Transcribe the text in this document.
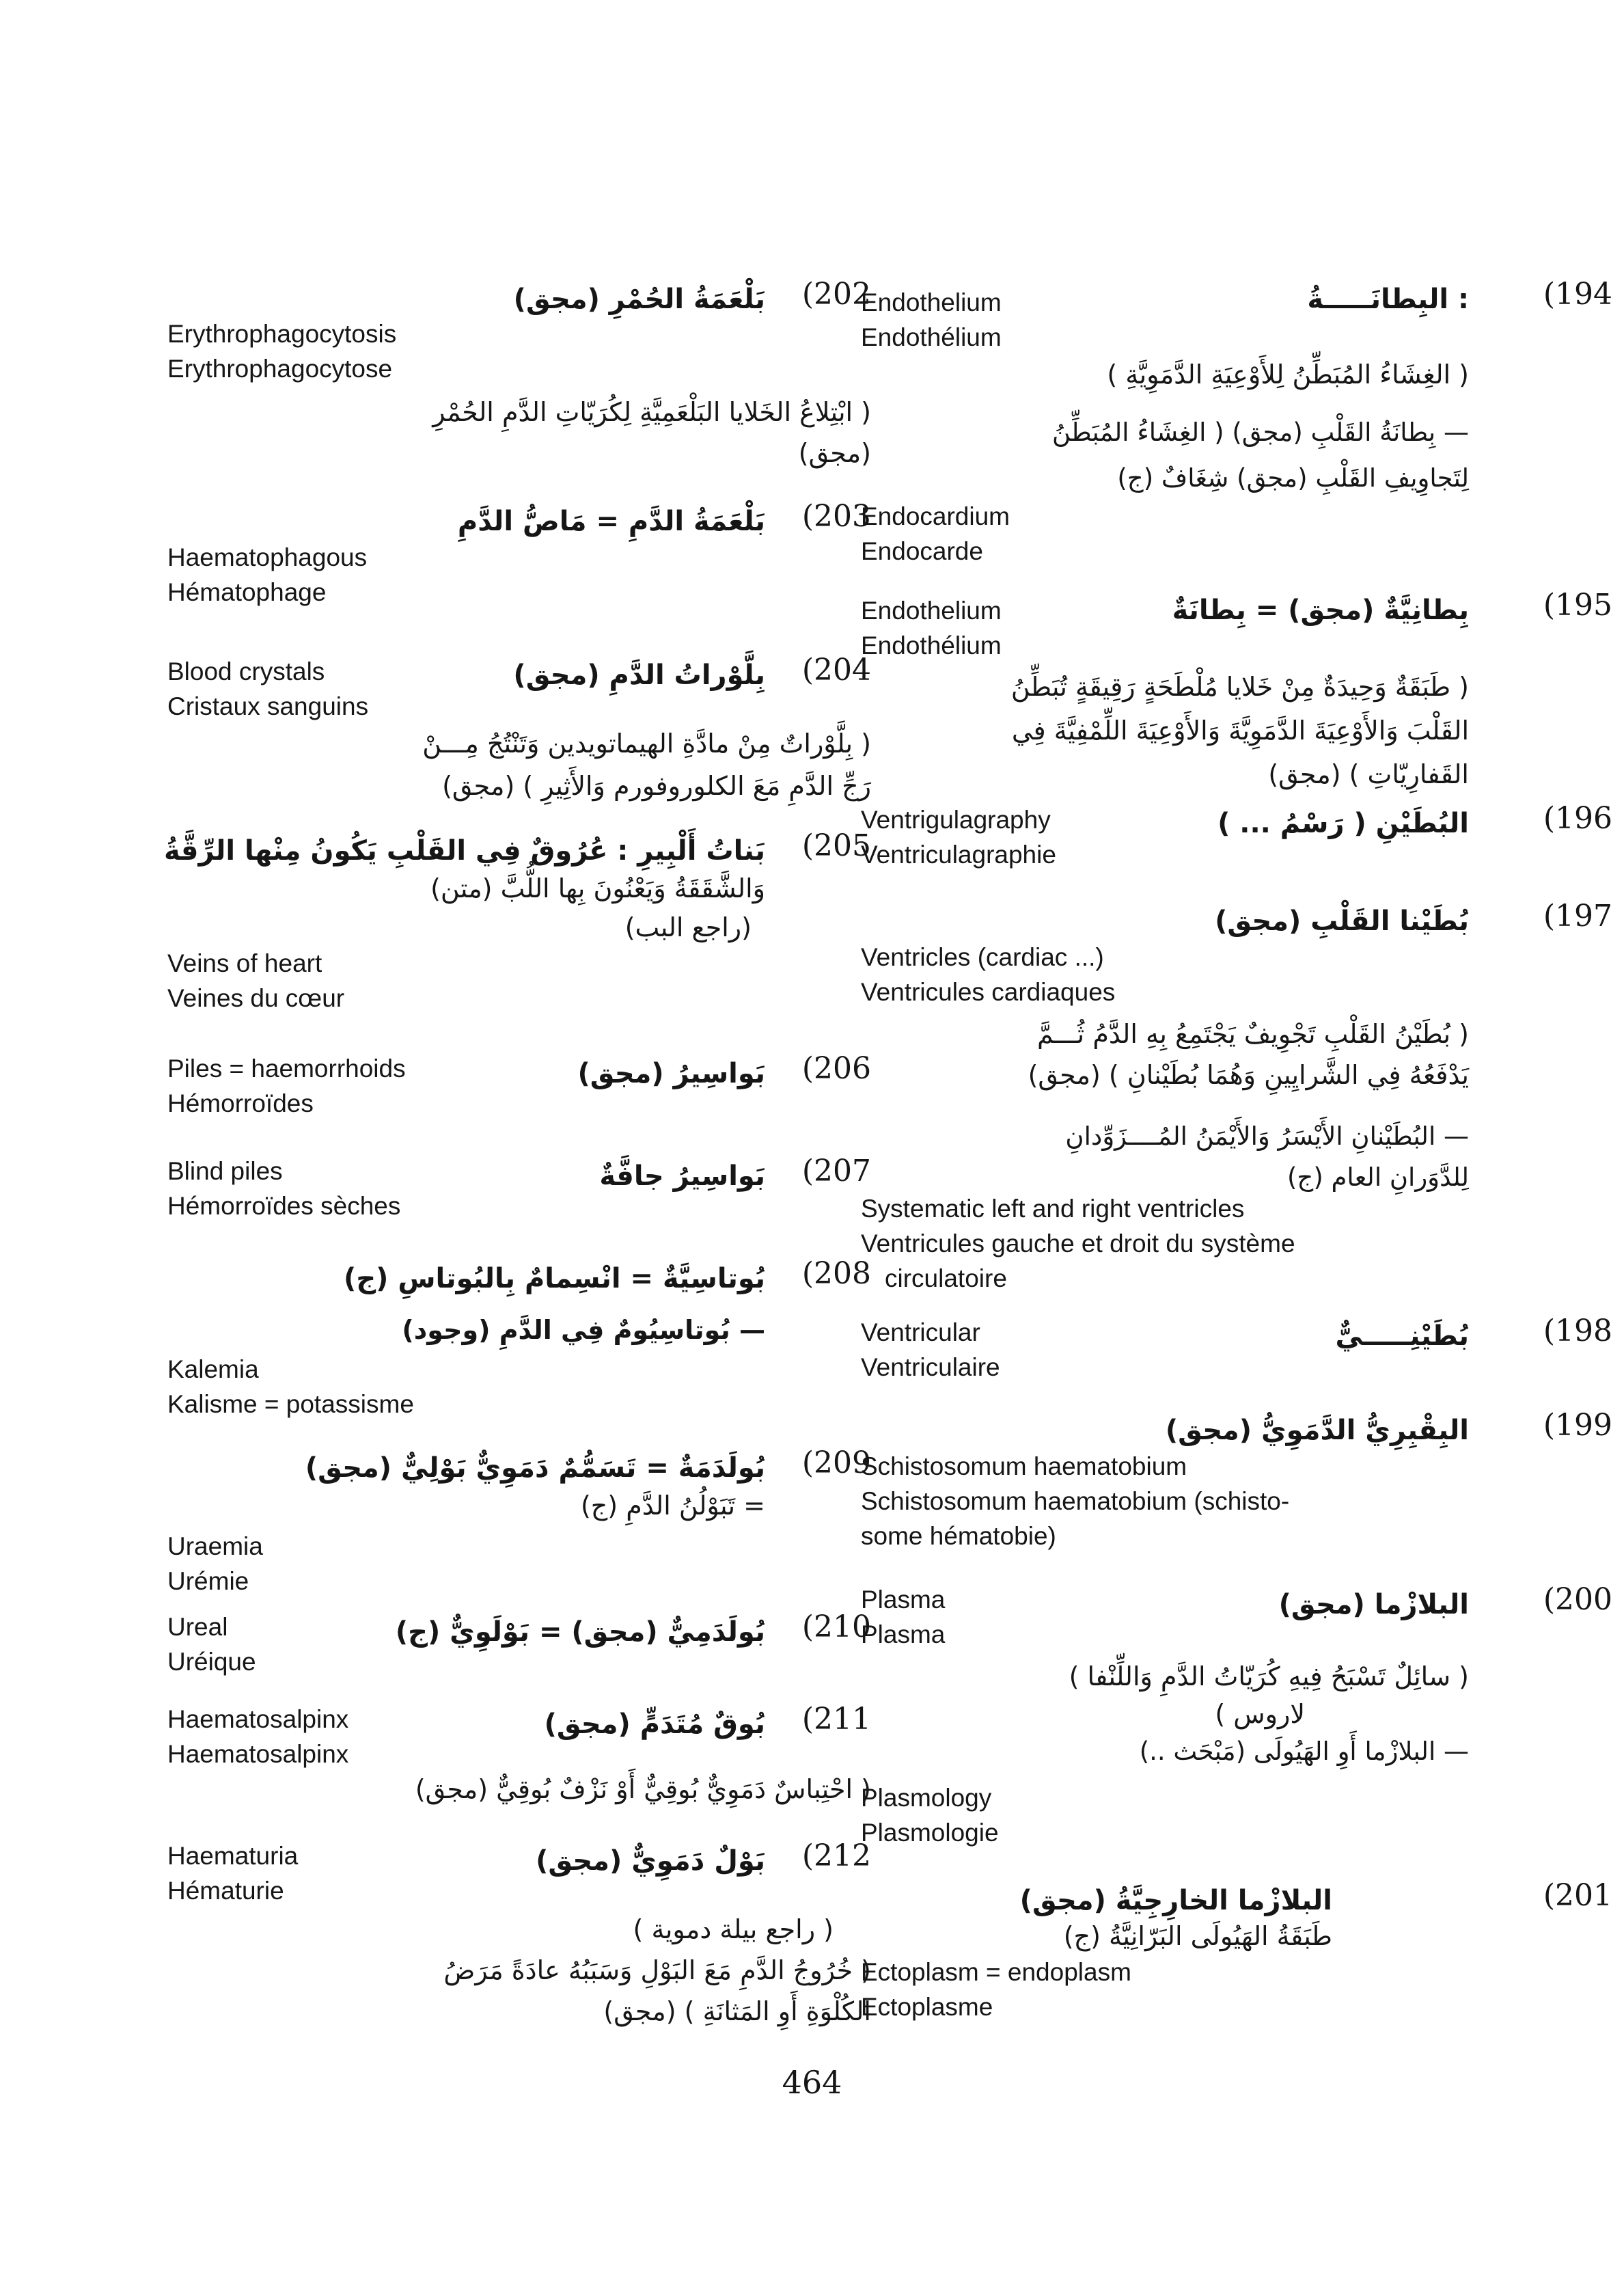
(194
: البِطانَـــــةُ
Endothelium
Endothélium
( الغِشَاءُ المُبَطِّنُ لِلأَوْعِيَةِ الدَّمَوِيَّةِ )
— بِطانَةُ القَلْبِ (مجق) ( الغِشَاءُ المُبَطِّنُ
لِتَجاوِيفِ القَلْبِ (مجق) شِغَافٌ (ج)
Endocardium
Endocarde
(195
بِطانِيَّةٌ (مجق) = بِطانَةٌ
Endothelium
Endothélium
( طَبَقَةٌ وَحِيدَةٌ مِنْ خَلايا مُلْطَحَةٍ رَقِيقَةٍ تُبَطِّنُ
القَلْبَ وَالأَوْعِيَةَ الدَّمَوِيَّةَ وَالأَوْعِيَةَ اللِّمْفِيَّةَ فِي
القَفارِيّاتِ ) (مجق)
(196
البُطَيْنِ ( رَسْمُ ... )
Ventrigulagraphy
Ventriculagraphie
(197
بُطَيْنا القَلْبِ (مجق)
Ventricles (cardiac ...)
Ventricules cardiaques
( بُطَيْنُ القَلْبِ تَجْوِيفٌ يَجْتَمِعُ بِهِ الدَّمُ ثُـــمَّ
يَدْفَعُهُ فِي الشَّرايِينِ وَهُمَا بُطَيْنانِ ) (مجق)
— البُطَيْنانِ الأَيْسَرُ وَالأَيْمَنُ المُــــزَوِّدانِ
لِلدَّوَرانِ العام (ج)
Systematic left and right ventricles
Ventricules gauche et droit du système
circulatoire
(198
بُطَيْنِـــــيٌّ
Ventricular
Ventriculaire
(199
البِقْبِرِيُّ الدَّمَوِيُّ (مجق)
Schistosomum haematobium
Schistosomum haematobium (schisto-
some hématobie)
(200
البلازْما (مجق)
Plasma
Plasma
( سائِلٌ تَسْبَحُ فِيهِ كُرَيّاتُ الدَّمِ وَاللِّنْفا )
لاروس )
— البلازْما أَوِ الهَيُولَى (مَبْحَث ..)
Plasmology
Plasmologie
(201
البلازْما الخارِجِيَّةُ (مجق)
طَبَقَةُ الهَيُولَى البَرّانِيَّةُ (ج)
Ectoplasm = endoplasm
Ectoplasme
(202
بَلْعَمَةُ الحُمْرِ (مجق)
Erythrophagocytosis
Erythrophagocytose
( ابْتِلاعُ الخَلايا البَلْعَمِيَّةِ لِكُرَيّاتِ الدَّمِ الحُمْرِ
(مجق)
(203
بَلْعَمَةُ الدَّمِ = مَاصُّ الدَّمِ
Haematophagous
Hématophage
(204
بِلَّوْراتُ الدَّمِ (مجق)
Blood crystals
Cristaux sanguins
( بِلَّوْراتٌ مِنْ مادَّةِ الهيماتويدين وَتَنْتُجُ مِـــنْ
رَجِّ الدَّمِ مَعَ الكلوروفورم وَالأَثِيرِ ) (مجق)
(205
بَناتُ أَلْبِيرِ : عُرُوقٌ فِي القَلْبِ يَكُونُ مِنْها الرِّقَّةُ
وَالشَّقَقَةُ وَيَعْنُونَ بِها اللُّبَّ (متن)
(راجع البب)
Veins of heart
Veines du cœur
(206
بَواسِيرُ (مجق)
Piles = haemorrhoids
Hémorroïdes
(207
بَواسِيرُ جافَّةٌ
Blind piles
Hémorroïdes sèches
(208
بُوتاسِيَّةٌ = انْسِمامٌ بِالبُوتاسِ (ج)
— بُوتاسِيُومٌ فِي الدَّمِ (وجود)
Kalemia
Kalisme = potassisme
(209
بُولَدَمَةٌ = تَسَمُّمٌ دَمَوِيٌّ بَوْلِيٌّ (مجق)
= تَبَوْلُنُ الدَّمِ (ج)
Uraemia
Urémie
(210
بُولَدَمِيٌّ (مجق) = بَوْلَوِيٌّ (ج)
Ureal
Uréique
(211
بُوقٌ مُتَدَمٍّ (مجق)
Haematosalpinx
Haematosalpinx
( احْتِباسٌ دَمَوِيٌّ بُوقِيٌّ أَوْ نَزْفٌ بُوقِيٌّ (مجق)
(212
بَوْلٌ دَمَوِيٌّ (مجق)
Haematuria
Hématurie
( راجع بيلة دموية )
( خُرُوجُ الدَّمِ مَعَ البَوْلِ وَسَبَبُهُ عادَةً مَرَضُ
الكُلْوَةِ أَوِ المَثانَةِ ) (مجق)
464
